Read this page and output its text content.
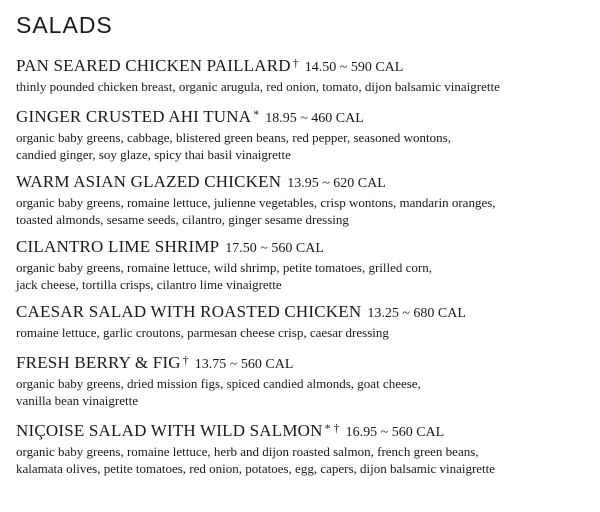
SALADS
PAN SEARED CHICKEN PAILLARD † 14.50 ~ 590 CAL
thinly pounded chicken breast, organic arugula, red onion, tomato, dijon balsamic vinaigrette
GINGER CRUSTED AHI TUNA * 18.95 ~ 460 CAL
organic baby greens, cabbage, blistered green beans, red pepper, seasoned wontons,
candied ginger, soy glaze, spicy thai basil vinaigrette
WARM ASIAN GLAZED CHICKEN 13.95 ~ 620 CAL
organic baby greens, romaine lettuce, julienne vegetables, crisp wontons, mandarin oranges,
toasted almonds, sesame seeds, cilantro, ginger sesame dressing
CILANTRO LIME SHRIMP 17.50 ~ 560 CAL
organic baby greens, romaine lettuce, wild shrimp, petite tomatoes, grilled corn,
jack cheese, tortilla crisps, cilantro lime vinaigrette
CAESAR SALAD WITH ROASTED CHICKEN 13.25 ~ 680 CAL
romaine lettuce, garlic croutons, parmesan cheese crisp, caesar dressing
FRESH BERRY & FIG † 13.75 ~ 560 CAL
organic baby greens, dried mission figs, spiced candied almonds, goat cheese,
vanilla bean vinaigrette
NIÇOISE SALAD WITH WILD SALMON * † 16.95 ~ 560 CAL
organic baby greens, romaine lettuce, herb and dijon roasted salmon, french green beans,
kalamata olives, petite tomatoes, red onion, potatoes, egg, capers, dijon balsamic vinaigrette
